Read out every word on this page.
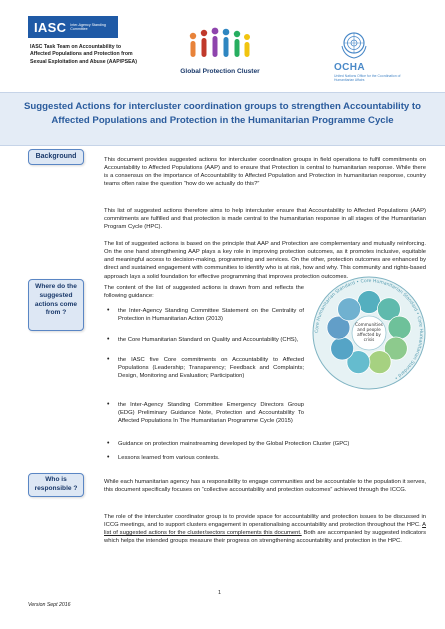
IASC Inter-Agency Standing Committee
IASC Task Team on Accountability to Affected Populations and Protection from Sexual Exploitation and Abuse (AAP/PSEA)
Global Protection Cluster	OCHA
United Nations Office for the Coordination of Humanitarian Affairs
Suggested Actions for intercluster coordination groups to strengthen Accountability to Affected Populations and Protection in the Humanitarian Programme Cycle
Background
Where do the suggested actions come from ?
Who is responsible ?

This document provides suggested actions for intercluster coordination groups in field operations to fulfil commitments on Accountability to Affected Populations (AAP) and to ensure that Protection is central to humanitarian response. While there is a consensus on the importance of Accountability to Affected Population and Protection in humanitarian response, country teams often raise the question “how do we actually do this?”

This list of suggested actions therefore aims to help intercluster ensure that Accountability to Affected Populations (AAP) commitments are fulfilled and that protection is made central to the humanitarian response in all stages of the Humanitarian Program Cycle (HPC).

The list of suggested actions is based on the principle that AAP and Protection are complementary and mutually reinforcing. On the one hand strengthening AAP plays a key role in improving protection outcomes, as it promotes inclusive, equitable and meaningful access to decision-making, programming and services. On the other, protection outcomes are enhanced by direct and sustained engagement with communities to identify who is at risk, how and why. This community and rights-based approach lays a solid foundation for effective programming that improves protection outcomes.

The content of the list of suggested actions is drawn from and reflects the following guidance:

• the Inter-Agency Standing Committee Statement on the Centrality of Protection in Humanitarian Action (2013)
• the Core Humanitarian Standard on Quality and Accountability (CHS),
• the IASC five Core commitments on Accountability to Affected Populations (Leadership; Transparency; Feedback and Complaints; Design, Monitoring and Evaluation; Participation)
• the Inter-Agency Standing Committee Emergency Directors Group (EDG) Preliminary Guidance Note, Protection and Accountability To Affected Populations In The Humanitarian Programme Cycle (2015)
• Guidance on protection mainstreaming developed by the Global Protection Cluster (GPC)
• Lessons learned from various contexts.
Core Humanitarian Standard • Core Humanitarian Standard • Core Humanitarian Standard •
Communities and people affected by crisis

While each humanitarian agency has a responsibility to engage communities and be accountable to the population it serves, this document specifically focuses on “collective accountability and protection outcomes” achieved through the ICCG.

The role of the intercluster coordinator group is to provide space for accountability and protection issues to be discussed in ICCG meetings, and to support clusters engagement in operationalising accountability and protection throughout the HPC. A list of suggested actions for the cluster/sectors complements this document. Both are accompanied by suggested indicators which helps the intended groups measure their progress on strengthening accountability and protection in the HPC.

1
Version Sept 2016
